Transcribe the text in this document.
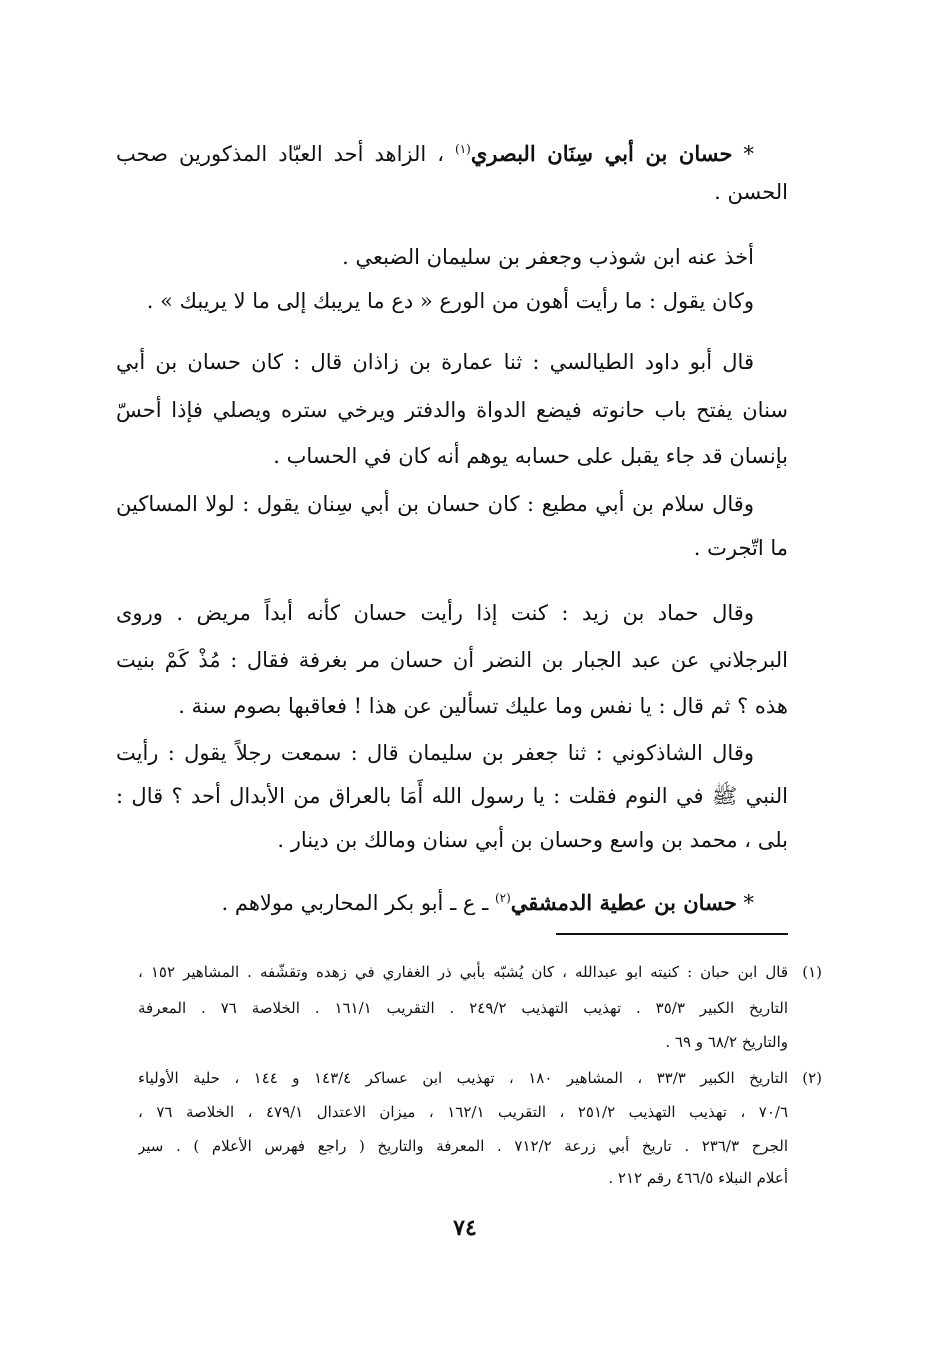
* حسان بن أبي سِنَان البصري$^{(١)}$ ، الزاهد أحد العبّاد المذكورين صحب
الحسن .
أخذ عنه ابن شوذب وجعفر بن سليمان الضبعي .
وكان يقول : ما رأيت أهون من الورع « دع ما يريبك إلى ما لا يريبك » .
قال أبو داود الطيالسي : ثنا عمارة بن زاذان قال : كان حسان بن أبي
سنان يفتح باب حانوته فيضع الدواة والدفتر ويرخي ستره ويصلي فإذا أحسّ
بإنسان قد جاء يقبل على حسابه يوهم أنه كان في الحساب .
وقال سلام بن أبي مطيع : كان حسان بن أبي سِنان يقول : لولا المساكين
ما اتّجرت .
وقال حماد بن زيد : كنت إذا رأيت حسان كأنه أبداً مريض . وروى
البرجلاني عن عبد الجبار بن النضر أن حسان مر بغرفة فقال : مُذْ كَمْ بنيت
هذه ؟ ثم قال : يا نفس وما عليك تسألين عن هذا ! فعاقبها بصوم سنة .
وقال الشاذكوني : ثنا جعفر بن سليمان قال : سمعت رجلاً يقول : رأيت
النبي ﷺ في النوم فقلت : يا رسول الله أَمَا بالعراق من الأبدال أحد ؟ قال :
بلى ، محمد بن واسع وحسان بن أبي سنان ومالك بن دينار .
* حسان بن عطية الدمشقي$^{(٢)}$ ـ ع ـ أبو بكر المحاربي مولاهم .
(١)
قال ابن حبان : كنيته ابو عبدالله ، كان يُشبّه بأبي ذر الغفاري في زهده وتقشّفه . المشاهير ١٥٢ ،
التاريخ الكبير ٣٥/٣ . تهذيب التهذيب ٢٤٩/٢ . التقريب ١٦١/١ . الخلاصة ٧٦ . المعرفة
والتاريخ ٦٨/٢ و ٦٩ .
(٢)
التاريخ الكبير ٣٣/٣ ، المشاهير ١٨٠ ، تهذيب ابن عساكر ١٤٣/٤ و ١٤٤ ، حلية الأولياء
٧٠/٦ ، تهذيب التهذيب ٢٥١/٢ ، التقريب ١٦٢/١ ، ميزان الاعتدال ٤٧٩/١ ، الخلاصة ٧٦ ،
الجرح ٢٣٦/٣ . تاريخ أبي زرعة ٧١٢/٢ . المعرفة والتاريخ ( راجع فهرس الأعلام ) . سير
أعلام النبلاء ٤٦٦/٥ رقم ٢١٢ .
٧٤
